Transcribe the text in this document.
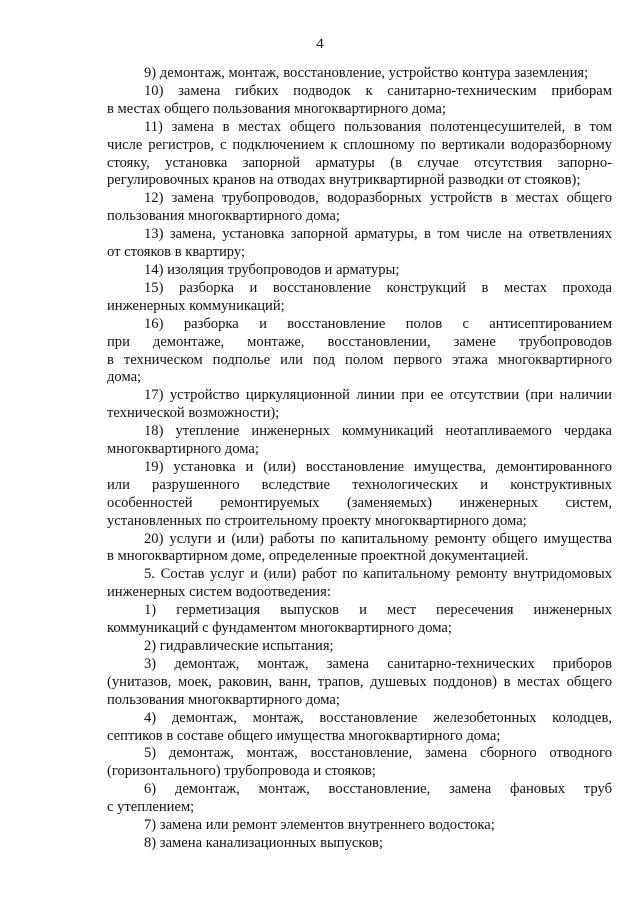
4

9) демонтаж, монтаж, восстановление, устройство контура заземления;

10) замена гибких подводок к санитарно-техническим приборам
в местах общего пользования многоквартирного дома;

11) замена в местах общего пользования полотенцесушителей, в том
числе регистров, с подключением к сплошному по вертикали водоразборному
стояку, установка запорной арматуры (в случае отсутствия запорно-
регулировочных кранов на отводах внутриквартирной разводки от стояков);

12) замена трубопроводов, водоразборных устройств в местах общего
пользования многоквартирного дома;

13) замена, установка запорной арматуры, в том числе на ответвлениях
от стояков в квартиру;

14) изоляция трубопроводов и арматуры;

15) разборка и восстановление конструкций в местах прохода
инженерных коммуникаций;

16) разборка и восстановление полов с антисептированием
при демонтаже, монтаже, восстановлении, замене трубопроводов
в техническом подполье или под полом первого этажа многоквартирного
дома;

17) устройство циркуляционной линии при ее отсутствии (при наличии
технической возможности);

18) утепление инженерных коммуникаций неотапливаемого чердака
многоквартирного дома;

19) установка и (или) восстановление имущества, демонтированного
или разрушенного вследствие технологических и конструктивных
особенностей ремонтируемых (заменяемых) инженерных систем,
установленных по строительному проекту многоквартирного дома;

20) услуги и (или) работы по капитальному ремонту общего имущества
в многоквартирном доме, определенные проектной документацией.

5. Состав услуг и (или) работ по капитальному ремонту внутридомовых
инженерных систем водоотведения:

1) герметизация выпусков и мест пересечения инженерных
коммуникаций с фундаментом многоквартирного дома;

2) гидравлические испытания;

3) демонтаж, монтаж, замена санитарно-технических приборов
(унитазов, моек, раковин, ванн, трапов, душевых поддонов) в местах общего
пользования многоквартирного дома;

4) демонтаж, монтаж, восстановление железобетонных колодцев,
септиков в составе общего имущества многоквартирного дома;

5) демонтаж, монтаж, восстановление, замена сборного отводного
(горизонтального) трубопровода и стояков;

6) демонтаж, монтаж, восстановление, замена фановых труб
с утеплением;

7) замена или ремонт элементов внутреннего водостока;

8) замена канализационных выпусков;
